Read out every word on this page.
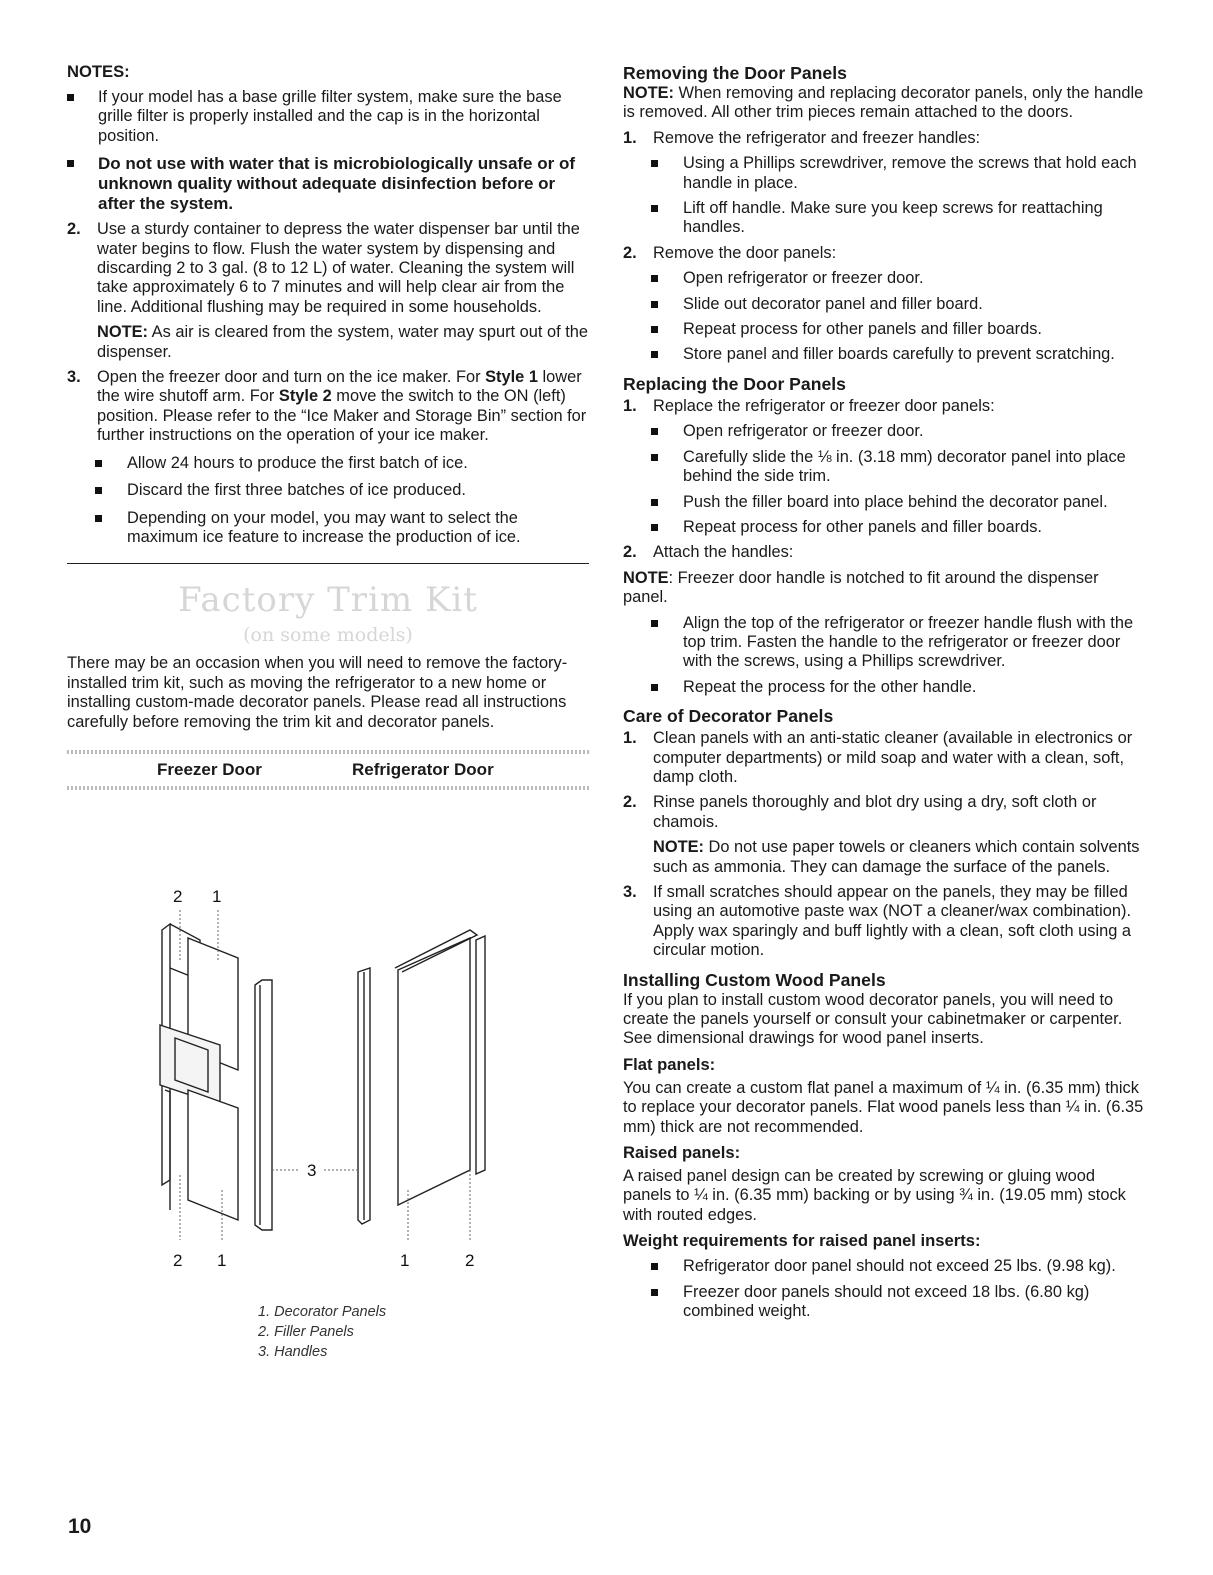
NOTES:
If your model has a base grille filter system, make sure the base grille filter is properly installed and the cap is in the horizontal position.
Do not use with water that is microbiologically unsafe or of unknown quality without adequate disinfection before or after the system.
2. Use a sturdy container to depress the water dispenser bar until the water begins to flow. Flush the water system by dispensing and discarding 2 to 3 gal. (8 to 12 L) of water. Cleaning the system will take approximately 6 to 7 minutes and will help clear air from the line. Additional flushing may be required in some households.
NOTE: As air is cleared from the system, water may spurt out of the dispenser.
3. Open the freezer door and turn on the ice maker. For Style 1 lower the wire shutoff arm. For Style 2 move the switch to the ON (left) position. Please refer to the “Ice Maker and Storage Bin” section for further instructions on the operation of your ice maker.
Allow 24 hours to produce the first batch of ice.
Discard the first three batches of ice produced.
Depending on your model, you may want to select the maximum ice feature to increase the production of ice.
Factory Trim Kit
(on some models)

There may be an occasion when you will need to remove the factory-installed trim kit, such as moving the refrigerator to a new home or installing custom-made decorator panels. Please read all instructions carefully before removing the trim kit and decorator panels.

Freezer Door	Refrigerator Door
2 1
2 1
3
1	2
1. Decorator Panels
2. Filler Panels
3. Handles
Removing the Door Panels

NOTE: When removing and replacing decorator panels, only the handle is removed. All other trim pieces remain attached to the doors.

1. Remove the refrigerator and freezer handles:
Using a Phillips screwdriver, remove the screws that hold each handle in place.
Lift off handle. Make sure you keep screws for reattaching handles.
2. Remove the door panels:
Open refrigerator or freezer door.
Slide out decorator panel and filler board.
Repeat process for other panels and filler boards.
Store panel and filler boards carefully to prevent scratching.
Replacing the Door Panels
1. Replace the refrigerator or freezer door panels:
Open refrigerator or freezer door.
Carefully slide the ⅛ in. (3.18 mm) decorator panel into place behind the side trim.
Push the filler board into place behind the decorator panel.
Repeat process for other panels and filler boards.
2. Attach the handles:

NOTE: Freezer door handle is notched to fit around the dispenser panel.

Align the top of the refrigerator or freezer handle flush with the top trim. Fasten the handle to the refrigerator or freezer door with the screws, using a Phillips screwdriver.
Repeat the process for the other handle.
Care of Decorator Panels
1. Clean panels with an anti-static cleaner (available in electronics or computer departments) or mild soap and water with a clean, soft, damp cloth.
2. Rinse panels thoroughly and blot dry using a dry, soft cloth or chamois.
NOTE: Do not use paper towels or cleaners which contain solvents such as ammonia. They can damage the surface of the panels.
3. If small scratches should appear on the panels, they may be filled using an automotive paste wax (NOT a cleaner/wax combination). Apply wax sparingly and buff lightly with a clean, soft cloth using a circular motion.
Installing Custom Wood Panels

If you plan to install custom wood decorator panels, you will need to create the panels yourself or consult your cabinetmaker or carpenter. See dimensional drawings for wood panel inserts.

Flat panels:

You can create a custom flat panel a maximum of ¼ in. (6.35 mm) thick to replace your decorator panels. Flat wood panels less than ¼ in. (6.35 mm) thick are not recommended.

Raised panels:

A raised panel design can be created by screwing or gluing wood panels to ¼ in. (6.35 mm) backing or by using ¾ in. (19.05 mm) stock with routed edges.

Weight requirements for raised panel inserts:
Refrigerator door panel should not exceed 25 lbs. (9.98 kg).
Freezer door panels should not exceed 18 lbs. (6.80 kg) combined weight.
10
